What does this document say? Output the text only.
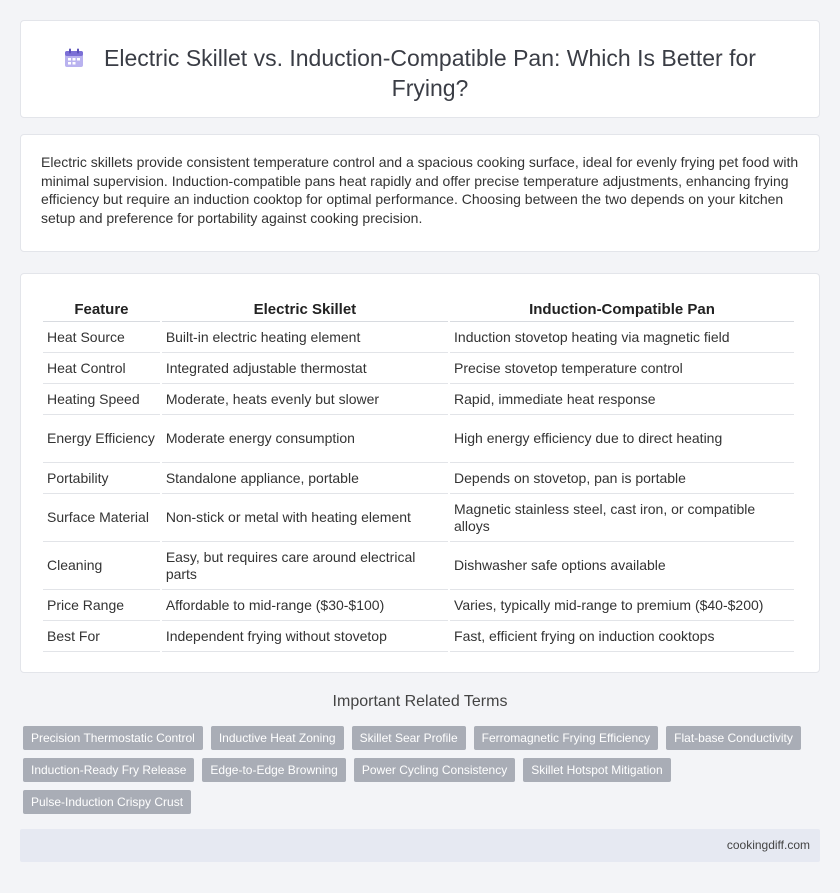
Electric Skillet vs. Induction-Compatible Pan: Which Is Better for Frying?

Electric skillets provide consistent temperature control and a spacious cooking surface, ideal for evenly frying pet food with minimal supervision. Induction-compatible pans heat rapidly and offer precise temperature adjustments, enhancing frying efficiency but require an induction cooktop for optimal performance. Choosing between the two depends on your kitchen setup and preference for portability against cooking precision.

Feature	Electric Skillet	Induction-Compatible Pan
Heat Source	Built-in electric heating element	Induction stovetop heating via magnetic field
Heat Control	Integrated adjustable thermostat	Precise stovetop temperature control
Heating Speed	Moderate, heats evenly but slower	Rapid, immediate heat response
Energy Efficiency	Moderate energy consumption	High energy efficiency due to direct heating
Portability	Standalone appliance, portable	Depends on stovetop, pan is portable
Surface Material	Non-stick or metal with heating element	Magnetic stainless steel, cast iron, or compatible alloys
Cleaning	Easy, but requires care around electrical parts	Dishwasher safe options available
Price Range	Affordable to mid-range ($30-$100)	Varies, typically mid-range to premium ($40-$200)
Best For	Independent frying without stovetop	Fast, efficient frying on induction cooktops
Important Related Terms
Precision Thermostatic Control	Inductive Heat Zoning	Skillet Sear Profile	Ferromagnetic Frying Efficiency	Flat-base Conductivity
Induction-Ready Fry Release	Edge-to-Edge Browning	Power Cycling Consistency	Skillet Hotspot Mitigation
Pulse-Induction Crispy Crust
cookingdiff.com
